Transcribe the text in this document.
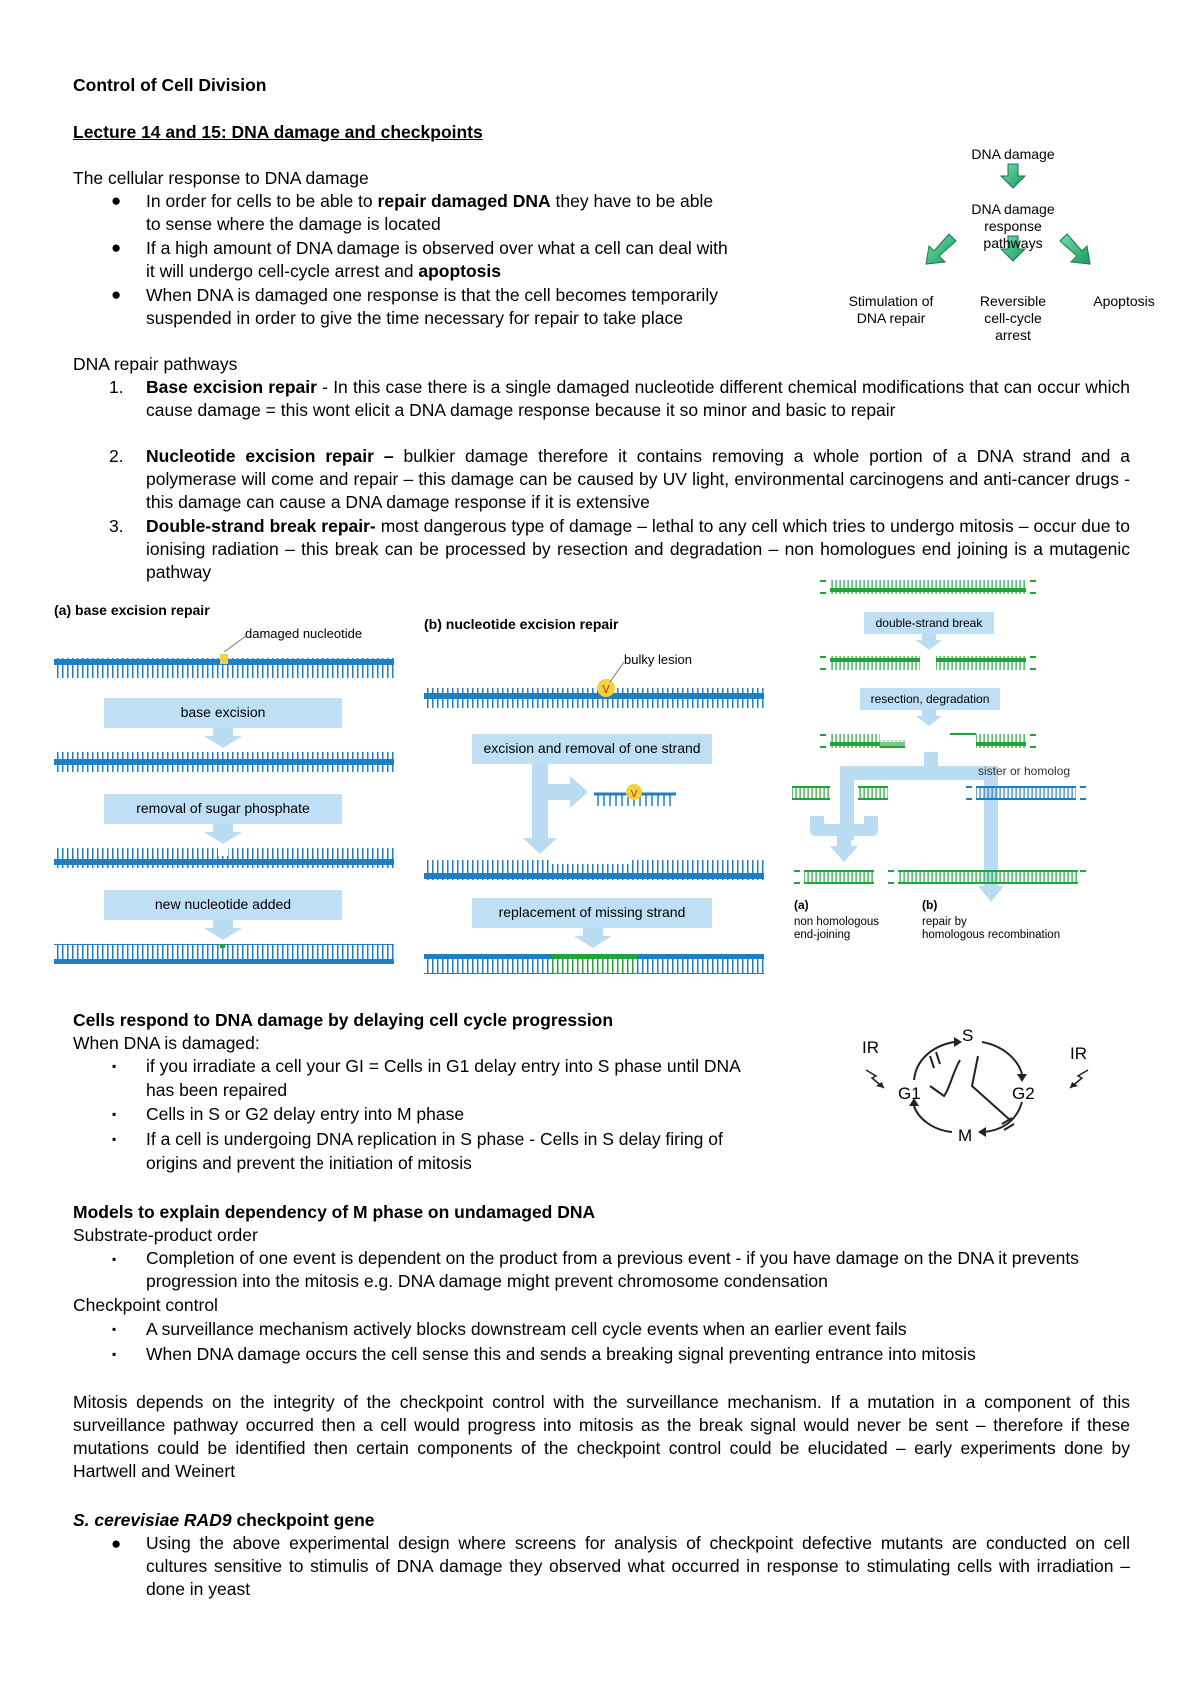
Control of Cell Division
Lecture 14 and 15: DNA damage and checkpoints
The cellular response to DNA damage
● In order for cells to be able to repair damaged DNA they have to be able
to sense where the damage is located
● If a high amount of DNA damage is observed over what a cell can deal with
it will undergo cell-cycle arrest and apoptosis
● When DNA is damaged one response is that the cell becomes temporarily
suspended in order to give the time necessary for repair to take place
DNA damage
DNA damage
response
pathways
Stimulation of
DNA repair
Reversible
cell-cycle
arrest
Apoptosis
DNA repair pathways
1. Base excision repair - In this case there is a single damaged nucleotide different chemical modifications that can occur which cause damage = this wont elicit a DNA damage response because it so minor and basic to repair
2. Nucleotide excision repair – bulkier damage therefore it contains removing a whole portion of a DNA strand and a polymerase will come and repair – this damage can be caused by UV light, environmental carcinogens and anti-cancer drugs - this damage can cause a DNA damage response if it is extensive
3. Double-strand break repair- most dangerous type of damage – lethal to any cell which tries to undergo mitosis – occur due to ionising radiation – this break can be processed by resection and degradation – non homologues end joining is a mutagenic pathway
(a) base excision repair
damaged nucleotide
base excision
removal of sugar phosphate
new nucleotide added
V
V
(b) nucleotide excision repair
bulky lesion
excision and removal of one strand
replacement of missing strand
double-strand break
resection, degradation
sister or homolog
(a)
non homologous
end-joining
(b)
repair by
homologous recombination
Cells respond to DNA damage by delaying cell cycle progression
When DNA is damaged:
▪ if you irradiate a cell your GI = Cells in G1 delay entry into S phase until DNA
has been repaired
▪ Cells in S or G2 delay entry into M phase
▪ If a cell is undergoing DNA replication in S phase - Cells in S delay firing of
origins and prevent the initiation of mitosis
S
G1	G2
M
IR	IR
Models to explain dependency of M phase on undamaged DNA
Substrate-product order
▪ Completion of one event is dependent on the product from a previous event - if you have damage on the DNA it prevents progression into the mitosis e.g. DNA damage might prevent chromosome condensation
Checkpoint control
▪ A surveillance mechanism actively blocks downstream cell cycle events when an earlier event fails
▪ When DNA damage occurs the cell sense this and sends a breaking signal preventing entrance into mitosis
Mitosis depends on the integrity of the checkpoint control with the surveillance mechanism. If a mutation in a component of this surveillance pathway occurred then a cell would progress into mitosis as the break signal would never be sent – therefore if these mutations could be identified then certain components of the checkpoint control could be elucidated – early experiments done by Hartwell and Weinert
S. cerevisiae RAD9 checkpoint gene
● Using the above experimental design where screens for analysis of checkpoint defective mutants are conducted on cell cultures sensitive to stimulis of DNA damage they observed what occurred in response to stimulating cells with irradiation – done in yeast
